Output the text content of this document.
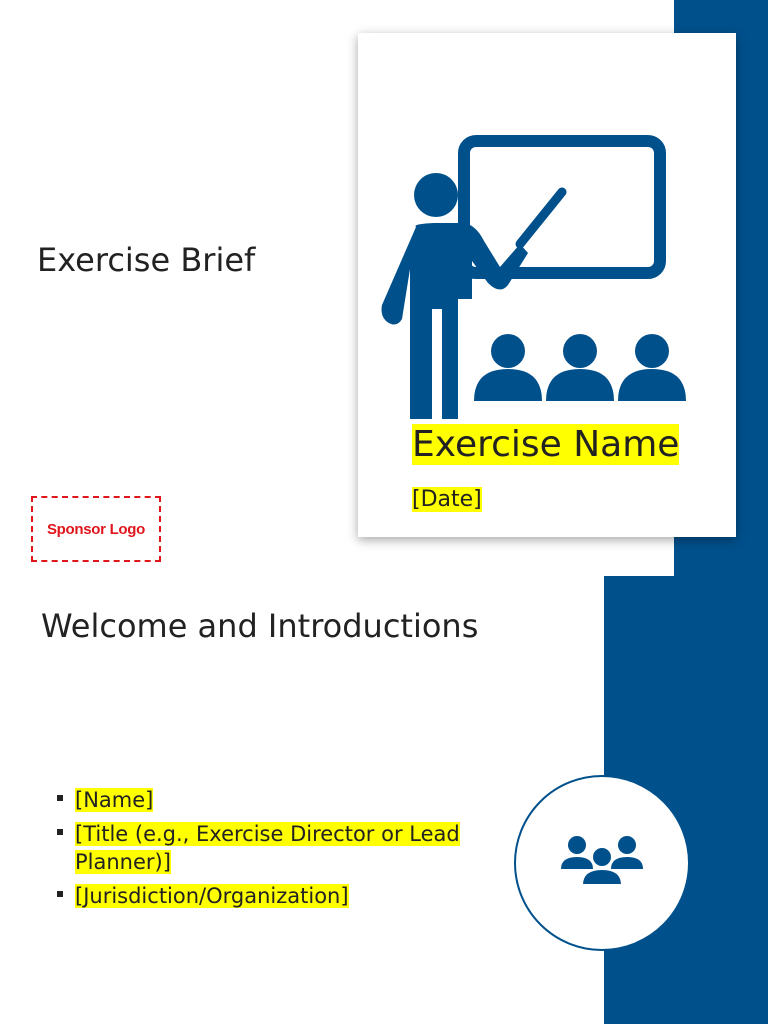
Exercise Brief
Exercise Name
[Date]
Sponsor Logo
Welcome and Introductions
[Name]
[Title (e.g., Exercise Director or Lead Planner)]
[Jurisdiction/Organization]
